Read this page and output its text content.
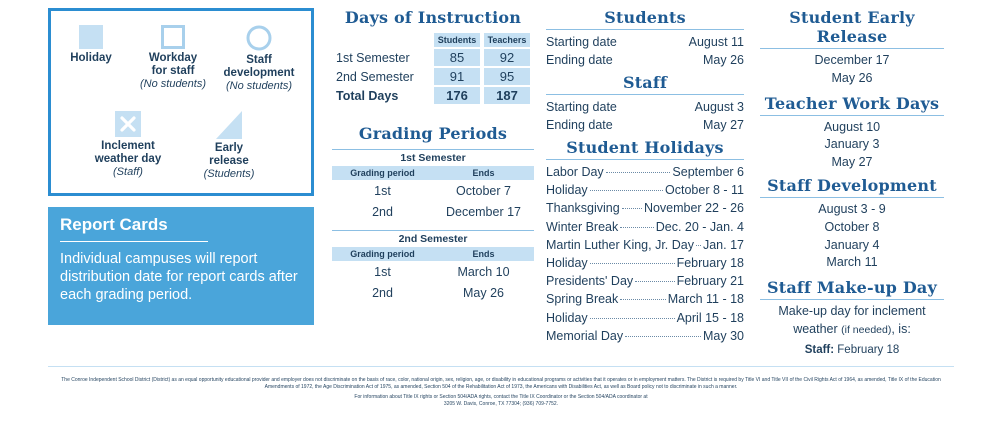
Holiday	Workday
for staff
(No students)
Staff
development
(No students)
Inclement
weather day
(Staff)
Early
release
(Students)
Report Cards
Individual campuses will report distribution date for report cards after each grading period.
Days of Instruction
	Students	Teachers
1st Semester	85	92
2nd Semester	91	95
Total Days	176	187
Grading Periods
1st Semester
Grading period	Ends
1st	October 7
2nd	December 17
2nd Semester
Grading period	Ends
1st	March 10
2nd	May 26
Students
Starting date	August 11
Ending date	May 26
Staff
Starting date	August 3
Ending date	May 27
Student Holidays
Labor Day	September 6
Holiday	October 8 - 11
Thanksgiving November 22 - 26
Winter Break	Dec. 20 - Jan. 4
Martin Luther King, Jr. Day Jan. 17
Holiday	February 18
Presidents' Day	February 21
Spring Break	March 11 - 18
Holiday	April 15 - 18
Memorial Day	May 30
Student Early Release
December 17
May 26
Teacher Work Days
August 10
January 3
May 27
Staff Development
August 3 - 9
October 8
January 4
March 11
Staff Make-up Day
Make-up day for inclement
weather (if needed), is:
Staff: February 18
The Conroe Independent School District (District) as an equal opportunity educational provider and employer does not discriminate on the basis of race, color, national origin, sex, religion, age, or disability in educational programs or activities that it operates or in employment matters. The District is required by Title VI and Title VII of the Civil Rights Act of 1964, as amended, Title IX of the Education Amendments of 1972, the Age Discrimination Act of 1975, as amended, Section 504 of the Rehabilitation Act of 1973, the Americans with Disabilities Act, as well as Board policy not to discriminate in such a manner.
For information about Title IX rights or Section 504/ADA rights, contact the Title IX Coordinator or the Section 504/ADA coordinator at
3205 W. Davis, Conroe, TX 77304; (936) 709-7752.
